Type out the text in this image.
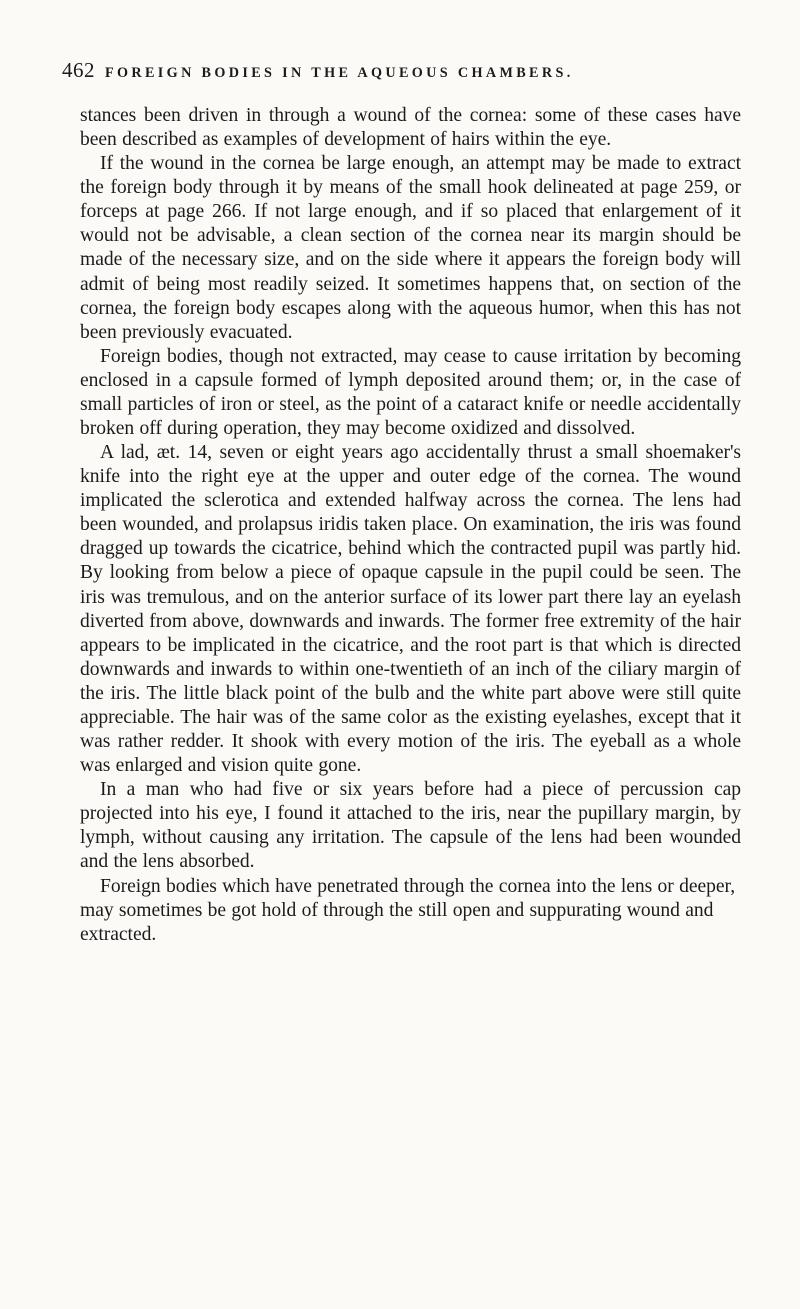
462 FOREIGN BODIES IN THE AQUEOUS CHAMBERS.

stances been driven in through a wound of the cornea: some of these cases have been described as examples of development of hairs within the eye.

If the wound in the cornea be large enough, an attempt may be made to extract the foreign body through it by means of the small hook delineated at page 259, or forceps at page 266. If not large enough, and if so placed that enlargement of it would not be advisable, a clean section of the cornea near its margin should be made of the necessary size, and on the side where it appears the foreign body will admit of being most readily seized. It sometimes happens that, on section of the cornea, the foreign body escapes along with the aqueous humor, when this has not been previously evacuated.

Foreign bodies, though not extracted, may cease to cause irritation by becoming enclosed in a capsule formed of lymph deposited around them; or, in the case of small particles of iron or steel, as the point of a cataract knife or needle accidentally broken off during operation, they may become oxidized and dissolved.

A lad, æt. 14, seven or eight years ago accidentally thrust a small shoemaker's knife into the right eye at the upper and outer edge of the cornea. The wound implicated the sclerotica and extended halfway across the cornea. The lens had been wounded, and prolapsus iridis taken place. On examination, the iris was found dragged up towards the cicatrice, behind which the contracted pupil was partly hid. By looking from below a piece of opaque capsule in the pupil could be seen. The iris was tremulous, and on the anterior surface of its lower part there lay an eyelash diverted from above, downwards and inwards. The former free extremity of the hair appears to be implicated in the cicatrice, and the root part is that which is directed downwards and inwards to within one-twentieth of an inch of the ciliary margin of the iris. The little black point of the bulb and the white part above were still quite appreciable. The hair was of the same color as the existing eyelashes, except that it was rather redder. It shook with every motion of the iris. The eyeball as a whole was enlarged and vision quite gone.

In a man who had five or six years before had a piece of percussion cap projected into his eye, I found it attached to the iris, near the pupillary margin, by lymph, without causing any irritation. The capsule of the lens had been wounded and the lens absorbed.

Foreign bodies which have penetrated through the cornea into the lens or deeper, may sometimes be got hold of through the still open and suppurating wound and extracted.
